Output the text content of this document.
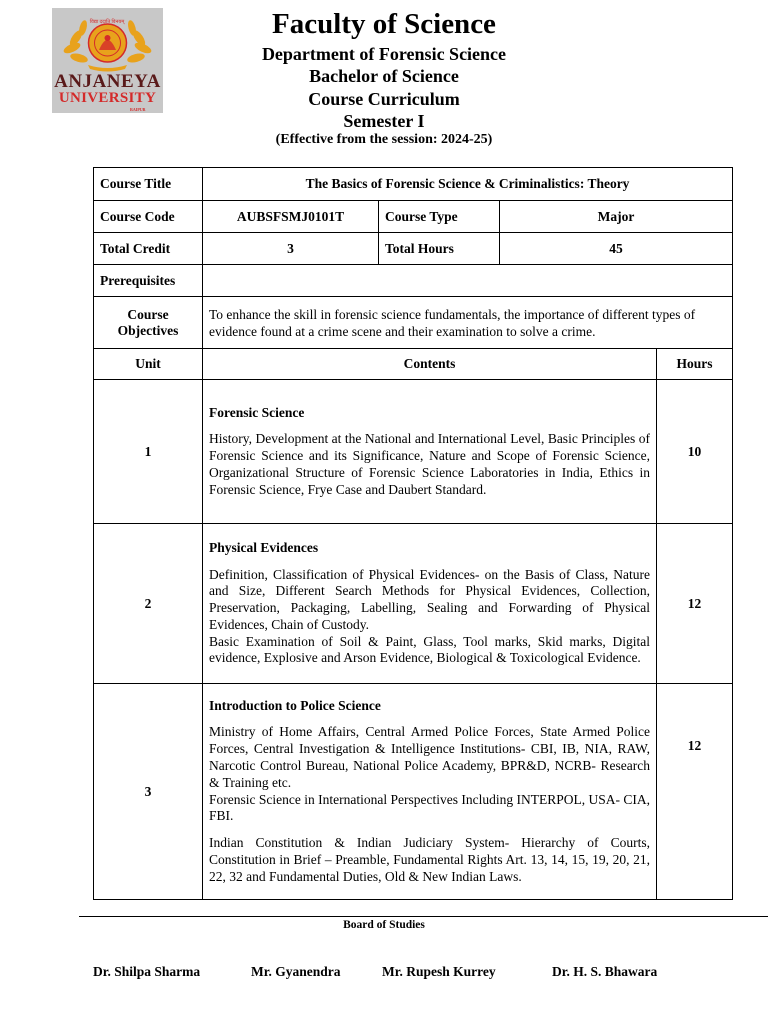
विद्या ददाति विनयम्
ANJANEYA
UNIVERSITY
RAIPUR
Faculty of Science
Department of Forensic Science
Bachelor of Science
Course Curriculum
Semester I
(Effective from the session: 2024-25)
Course Title	The Basics of Forensic Science & Criminalistics: Theory			
Course Code	AUBSFSMJ0101T	Course Type	Major	
Total Credit	3	Total Hours	45	
Prerequisites				

Course
Objectives	To enhance the skill in forensic science fundamentals, the importance of different types of evidence found at a crime scene and their examination to solve a crime.			
Unit	Contents			Hours
1	Forensic Science

History, Development at the National and International Level, Basic Principles of Forensic Science and its Significance, Nature and Scope of Forensic Science, Organizational Structure of Forensic Science Laboratories in India, Ethics in Forensic Science, Frye Case and Daubert Standard.			10
2	Physical Evidences

Definition, Classification of Physical Evidences- on the Basis of Class, Nature and Size, Different Search Methods for Physical Evidences, Collection, Preservation, Packaging, Labelling, Sealing and Forwarding of Physical Evidences, Chain of Custody.

Basic Examination of Soil & Paint, Glass, Tool marks, Skid marks, Digital evidence, Explosive and Arson Evidence, Biological & Toxicological Evidence.			12
3	Introduction to Police Science

Ministry of Home Affairs, Central Armed Police Forces, State Armed Police Forces, Central Investigation & Intelligence Institutions- CBI, IB, NIA, RAW, Narcotic Control Bureau, National Police Academy, BPR&D, NCRB- Research & Training etc.

Forensic Science in International Perspectives Including INTERPOL, USA- CIA, FBI.

Indian Constitution & Indian Judiciary System- Hierarchy of Courts, Constitution in Brief – Preamble, Fundamental Rights Art. 13, 14, 15, 19, 20, 21, 22, 32 and Fundamental Duties, Old & New Indian Laws.			12
Board of Studies
Dr. Shilpa Sharma	Mr. Gyanendra	Mr. Rupesh Kurrey	Dr. H. S. Bhawara
